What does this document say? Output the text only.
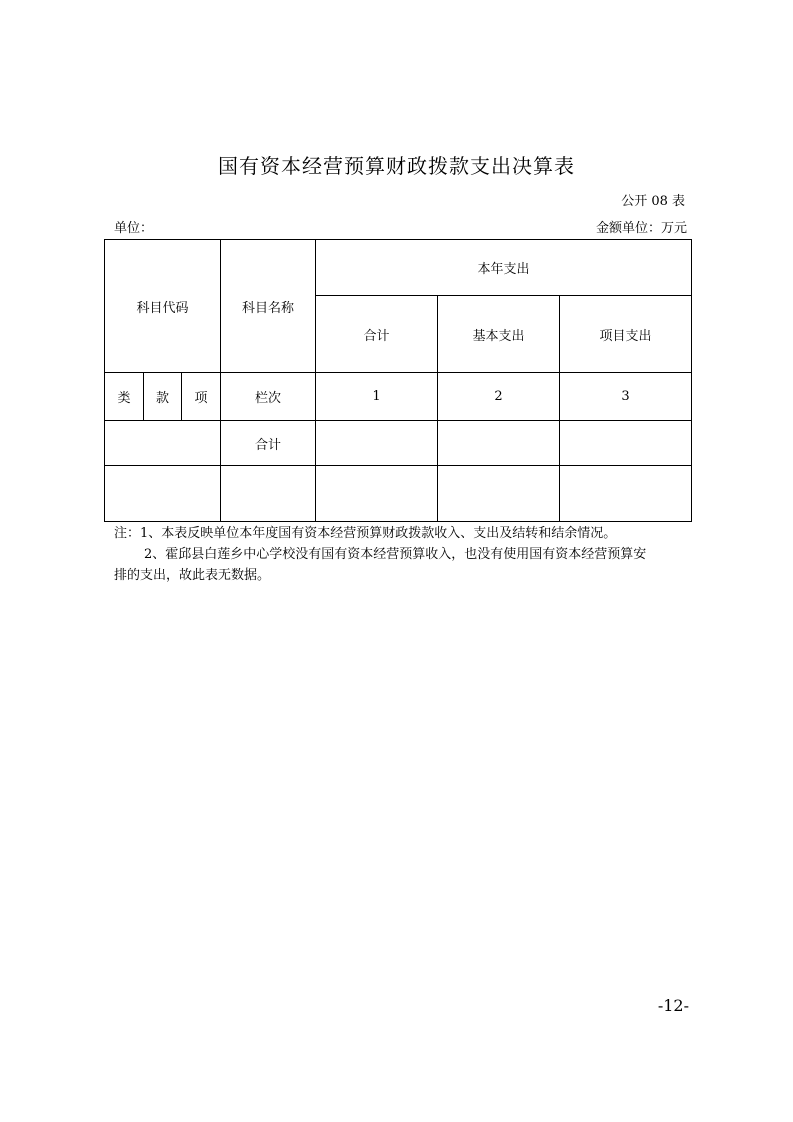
国有资本经营预算财政拨款支出决算表
公开 08 表
单位：	金额单位：万元
科目代码			科目名称	本年支出		
				合计	基本支出	项目支出
类	款	项	栏次	1	2	3
			合计			

注：1、本表反映单位本年度国有资本经营预算财政拨款收入、支出及结转和结余情况。
2、霍邱县白莲乡中心学校没有国有资本经营预算收入，也没有使用国有资本经营预算安
排的支出，故此表无数据。
-12-
